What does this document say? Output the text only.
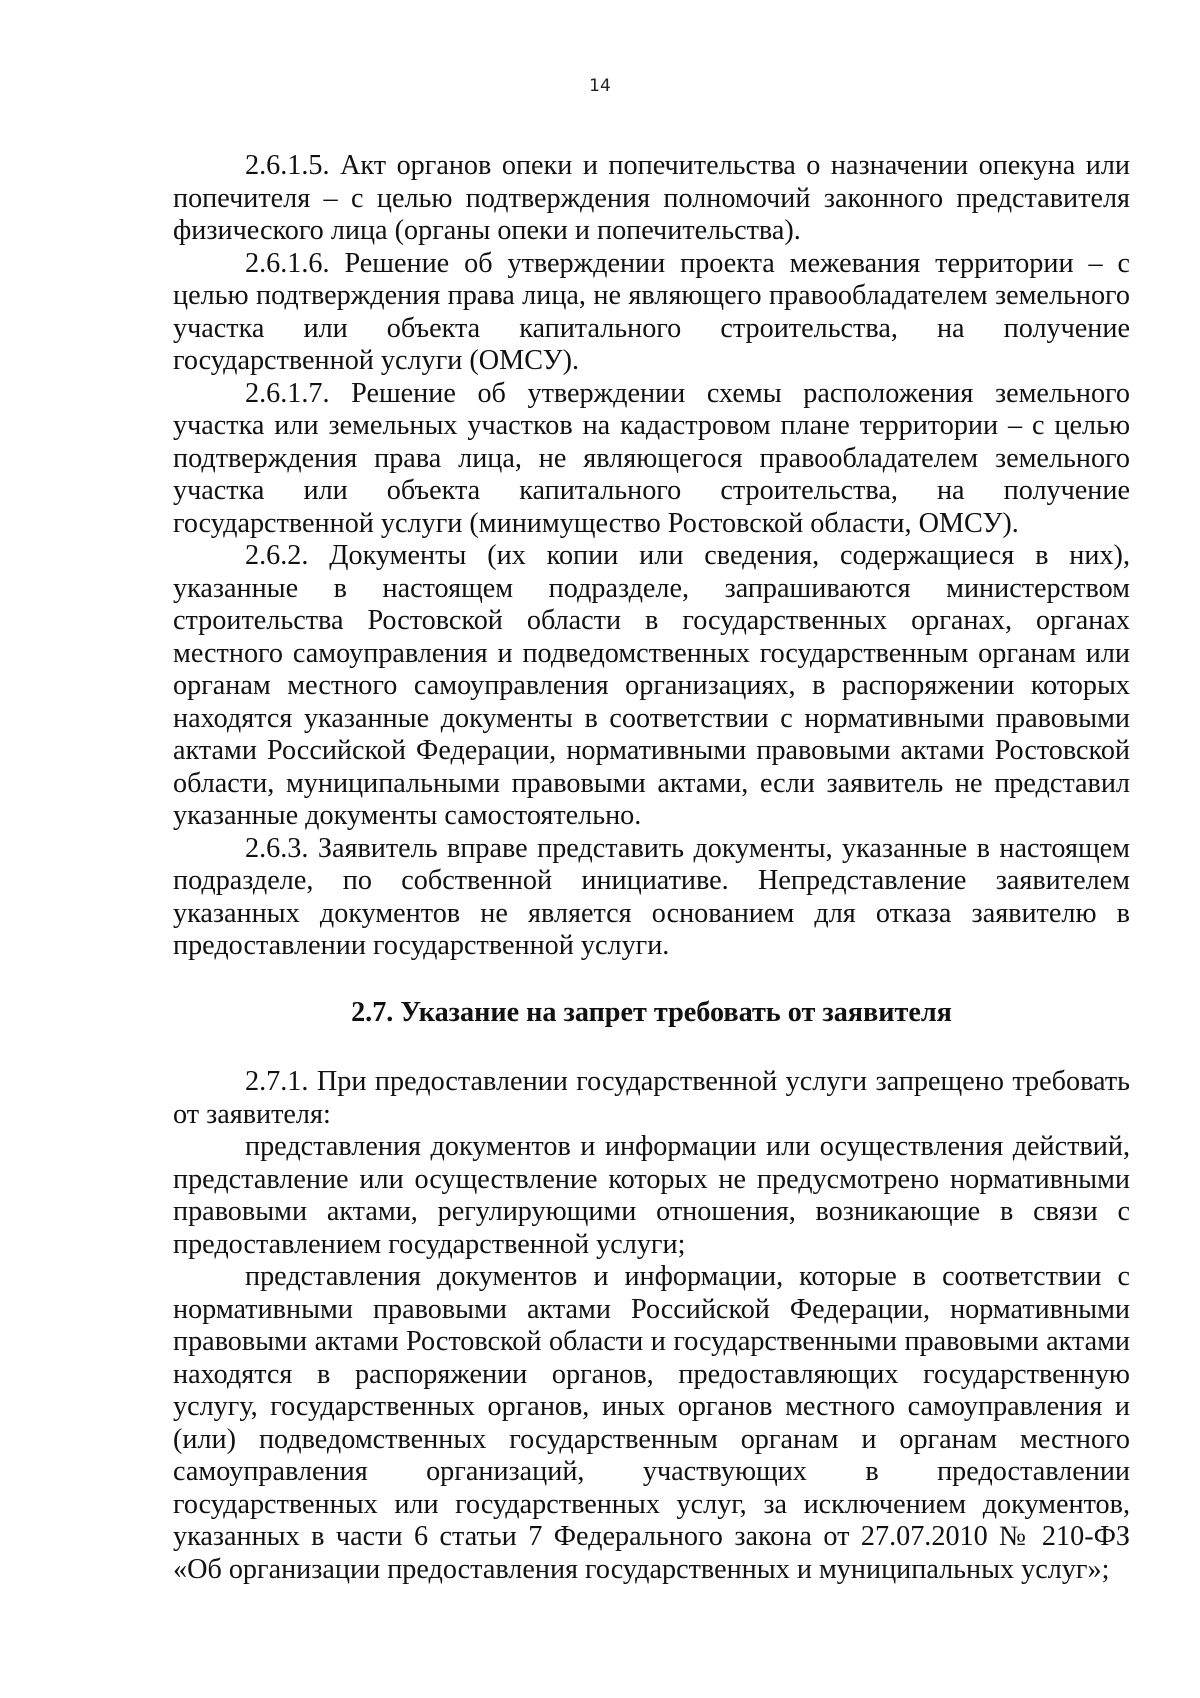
14

2.6.1.5. Акт органов опеки и попечительства о назначении опекуна или попечителя – с целью подтверждения полномочий законного представителя физического лица (органы опеки и попечительства).

2.6.1.6. Решение об утверждении проекта межевания территории – с целью подтверждения права лица, не являющего правообладателем земельного участка или объекта капитального строительства, на получение государственной услуги (ОМСУ).

2.6.1.7. Решение об утверждении схемы расположения земельного участка или земельных участков на кадастровом плане территории – с целью подтверждения права лица, не являющегося правообладателем земельного участка или объекта капитального строительства, на получение государственной услуги (минимущество Ростовской области, ОМСУ).

2.6.2. Документы (их копии или сведения, содержащиеся в них), указанные в настоящем подразделе, запрашиваются министерством строительства Ростовской области в государственных органах, органах местного самоуправления и подведомственных государственным органам или органам местного самоуправления организациях, в распоряжении которых находятся указанные документы в соответствии с нормативными правовыми актами Российской Федерации, нормативными правовыми актами Ростовской области, муниципальными правовыми актами, если заявитель не представил указанные документы самостоятельно.

2.6.3. Заявитель вправе представить документы, указанные в настоящем подразделе, по собственной инициативе. Непредставление заявителем указанных документов не является основанием для отказа заявителю в предоставлении государственной услуги.

2.7. Указание на запрет требовать от заявителя

2.7.1. При предоставлении государственной услуги запрещено требовать от заявителя:

представления документов и информации или осуществления действий, представление или осуществление которых не предусмотрено нормативными правовыми актами, регулирующими отношения, возникающие в связи с предоставлением государственной услуги;

представления документов и информации, которые в соответствии с нормативными правовыми актами Российской Федерации, нормативными правовыми актами Ростовской области и государственными правовыми актами находятся в распоряжении органов, предоставляющих государственную услугу, государственных органов, иных органов местного самоуправления и (или) подведомственных государственным органам и органам местного самоуправления организаций, участвующих в предоставлении государственных или государственных услуг, за исключением документов, указанных в части 6 статьи 7 Федерального закона от 27.07.2010 № 210-ФЗ «Об организации предоставления государственных и муниципальных услуг»;
